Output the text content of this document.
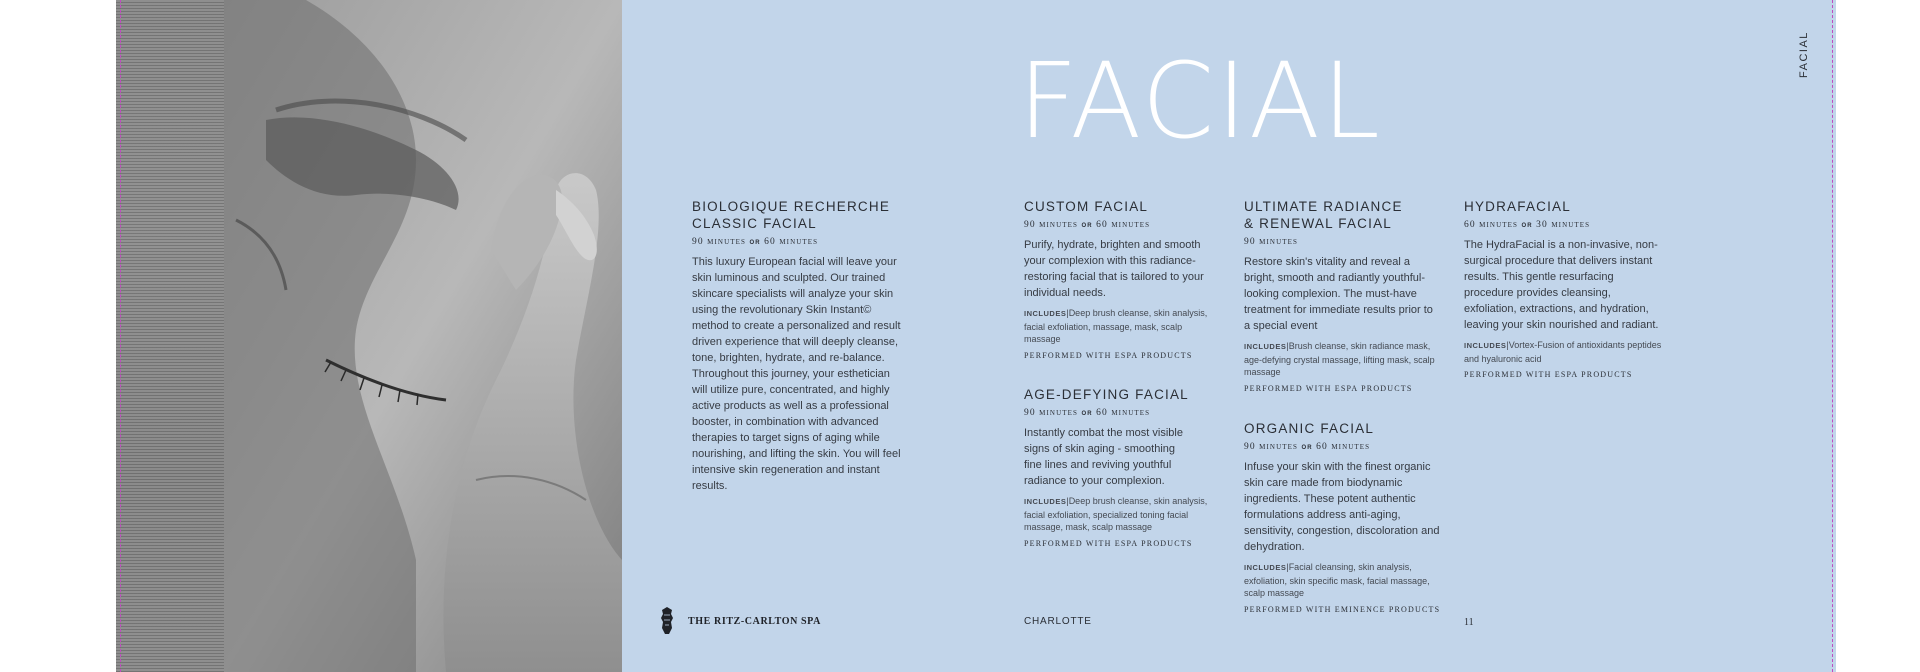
FACIAL
FACIAL
BIOLOGIQUE RECHERCHE
CLASSIC FACIAL
90 minutes or 60 minutes
This luxury European facial will leave your skin luminous and sculpted. Our trained skincare specialists will analyze your skin using the revolutionary Skin Instant© method to create a personalized and result driven experience that will deeply cleanse, tone, brighten, hydrate, and re-balance. Throughout this journey, your esthetician will utilize pure, concentrated, and highly active products as well as a professional booster, in combination with advanced therapies to target signs of aging while nourishing, and lifting the skin. You will feel intensive skin regeneration and instant results.
CUSTOM FACIAL
90 minutes or 60 minutes
Purify, hydrate, brighten and smooth your complexion with this radiance-restoring facial that is tailored to your individual needs.
INCLUDES|Deep brush cleanse, skin analysis, facial exfoliation, massage, mask, scalp massage
PERFORMED WITH ESPA PRODUCTS
AGE-DEFYING FACIAL
90 minutes or 60 minutes
Instantly combat the most visible signs of skin aging - smoothing fine lines and reviving youthful radiance to your complexion.
INCLUDES|Deep brush cleanse, skin analysis, facial exfoliation, specialized toning facial massage, mask, scalp massage
PERFORMED WITH ESPA PRODUCTS
ULTIMATE RADIANCE
& RENEWAL FACIAL
90 minutes
Restore skin's vitality and reveal a bright, smooth and radiantly youthful-looking complexion. The must-have treatment for immediate results prior to a special event
INCLUDES|Brush cleanse, skin radiance mask, age-defying crystal massage, lifting mask, scalp massage
PERFORMED WITH ESPA PRODUCTS
ORGANIC FACIAL
90 minutes or 60 minutes
Infuse your skin with the finest organic skin care made from biodynamic ingredients. These potent authentic formulations address anti-aging, sensitivity, congestion, discoloration and dehydration.
INCLUDES|Facial cleansing, skin analysis, exfoliation, skin specific mask, facial massage, scalp massage
PERFORMED WITH EMINENCE PRODUCTS
HYDRAFACIAL
60 minutes or 30 minutes
The HydraFacial is a non-invasive, non-surgical procedure that delivers instant results. This gentle resurfacing procedure provides cleansing, exfoliation, extractions, and hydration, leaving your skin nourished and radiant.
INCLUDES|Vortex-Fusion of antioxidants peptides and hyaluronic acid
PERFORMED WITH ESPA PRODUCTS
THE RITZ-CARLTON SPA	CHARLOTTE	11
